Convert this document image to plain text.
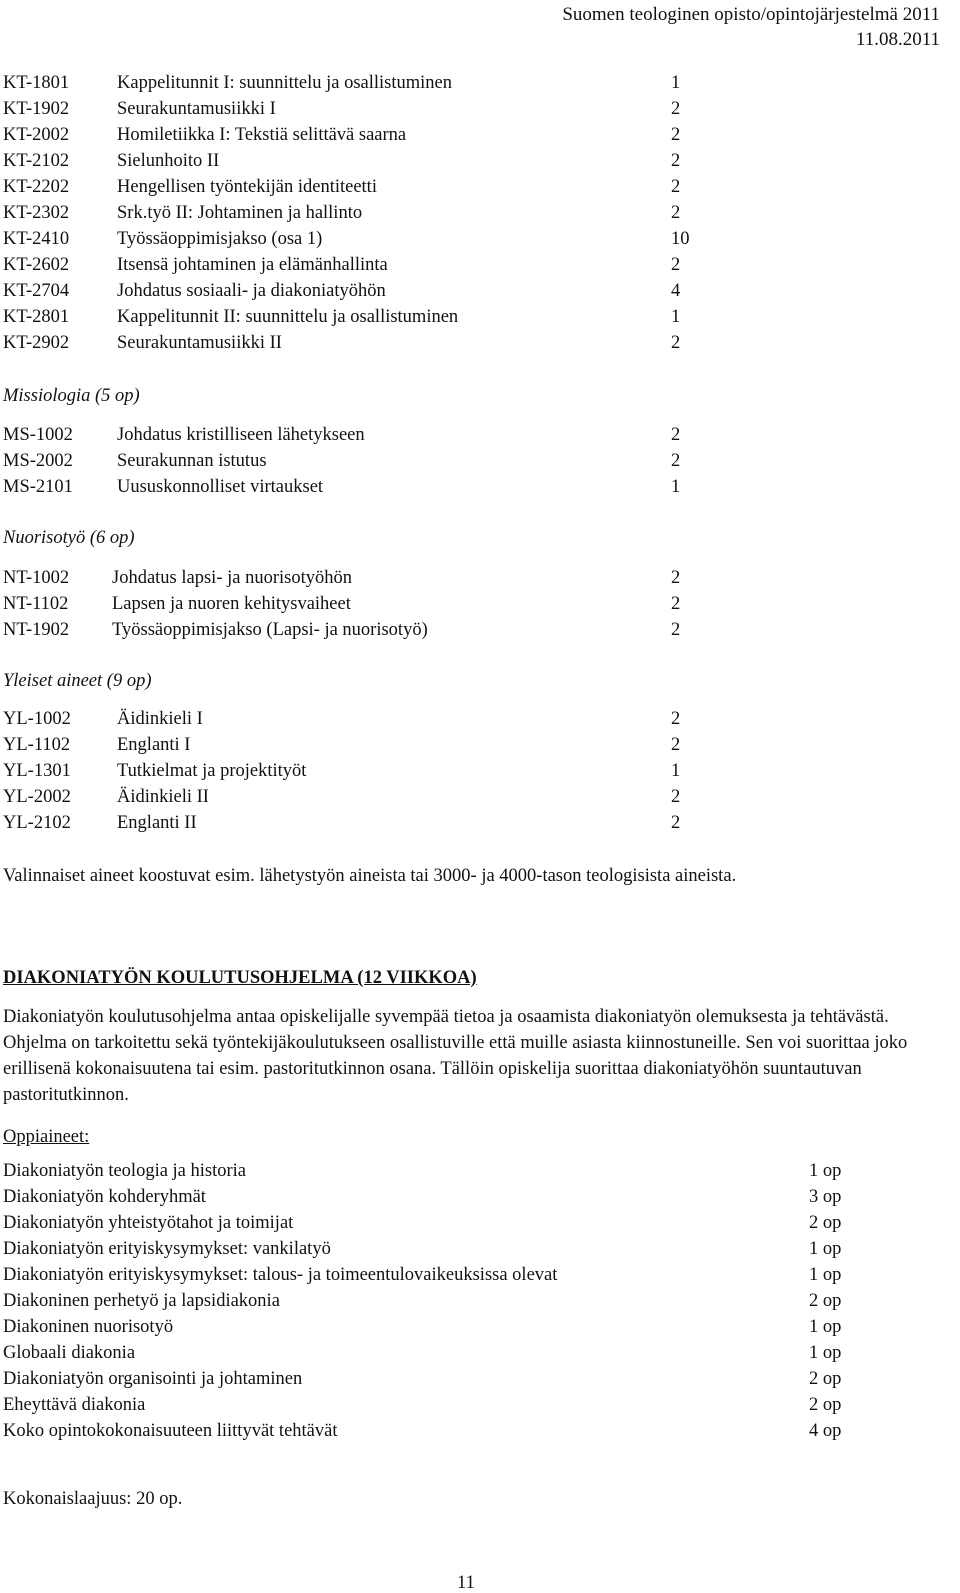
Suomen teologinen opisto/opintojärjestelmä 2011
11.08.2011
KT-1801	Kappelitunnit I: suunnittelu ja osallistuminen	1
KT-1902	Seurakuntamusiikki I	2
KT-2002	Homiletiikka I: Tekstiä selittävä saarna	2
KT-2102	Sielunhoito II	2
KT-2202	Hengellisen työntekijän identiteetti	2
KT-2302	Srk.työ II: Johtaminen ja hallinto	2
KT-2410	Työssäoppimisjakso (osa 1)	10
KT-2602	Itsensä johtaminen ja elämänhallinta	2
KT-2704	Johdatus sosiaali- ja diakoniatyöhön	4
KT-2801	Kappelitunnit II: suunnittelu ja osallistuminen	1
KT-2902	Seurakuntamusiikki II	2
Missiologia (5 op)
MS-1002 Johdatus kristilliseen lähetykseen	2
MS-2002 Seurakunnan istutus	2
MS-2101 Uususkonnolliset virtaukset	1
Nuorisotyö (6 op)
NT-1002 Johdatus lapsi- ja nuorisotyöhön	2
NT-1102 Lapsen ja nuoren kehitysvaiheet	2
NT-1902 Työssäoppimisjakso (Lapsi- ja nuorisotyö)	2
Yleiset aineet (9 op)
YL-1002 Äidinkieli I	2
YL-1102	Englanti I	2
YL-1301 Tutkielmat ja projektityöt	1
YL-2002 Äidinkieli II	2
YL-2102 Englanti II	2
Valinnaiset aineet koostuvat esim. lähetystyön aineista tai 3000- ja 4000-tason teologisista aineista.
DIAKONIATYÖN KOULUTUSOHJELMA (12 VIIKKOA)
Diakoniatyön koulutusohjelma antaa opiskelijalle syvempää tietoa ja osaamista diakoniatyön olemuksesta ja tehtävästä. Ohjelma on tarkoitettu sekä työntekijäkoulutukseen osallistuville että muille asiasta kiinnostuneille. Sen voi suorittaa joko erillisenä kokonaisuutena tai esim. pastoritutkinnon osana. Tällöin opiskelija suorittaa diakoniatyöhön suuntautuvan pastoritutkinnon.
Oppiaineet:
Diakoniatyön teologia ja historia	1 op
Diakoniatyön kohderyhmät	3 op
Diakoniatyön yhteistyötahot ja toimijat	2 op
Diakoniatyön erityiskysymykset: vankilatyö	1 op
Diakoniatyön erityiskysymykset: talous- ja toimeentulovaikeuksissa olevat	1 op
Diakoninen perhetyö ja lapsidiakonia	2 op
Diakoninen nuorisotyö	1 op
Globaali diakonia	1 op
Diakoniatyön organisointi ja johtaminen	2 op
Eheyttävä diakonia	2 op
Koko opintokokonaisuuteen liittyvät tehtävät	4 op
Kokonaislaajuus: 20 op.
11
